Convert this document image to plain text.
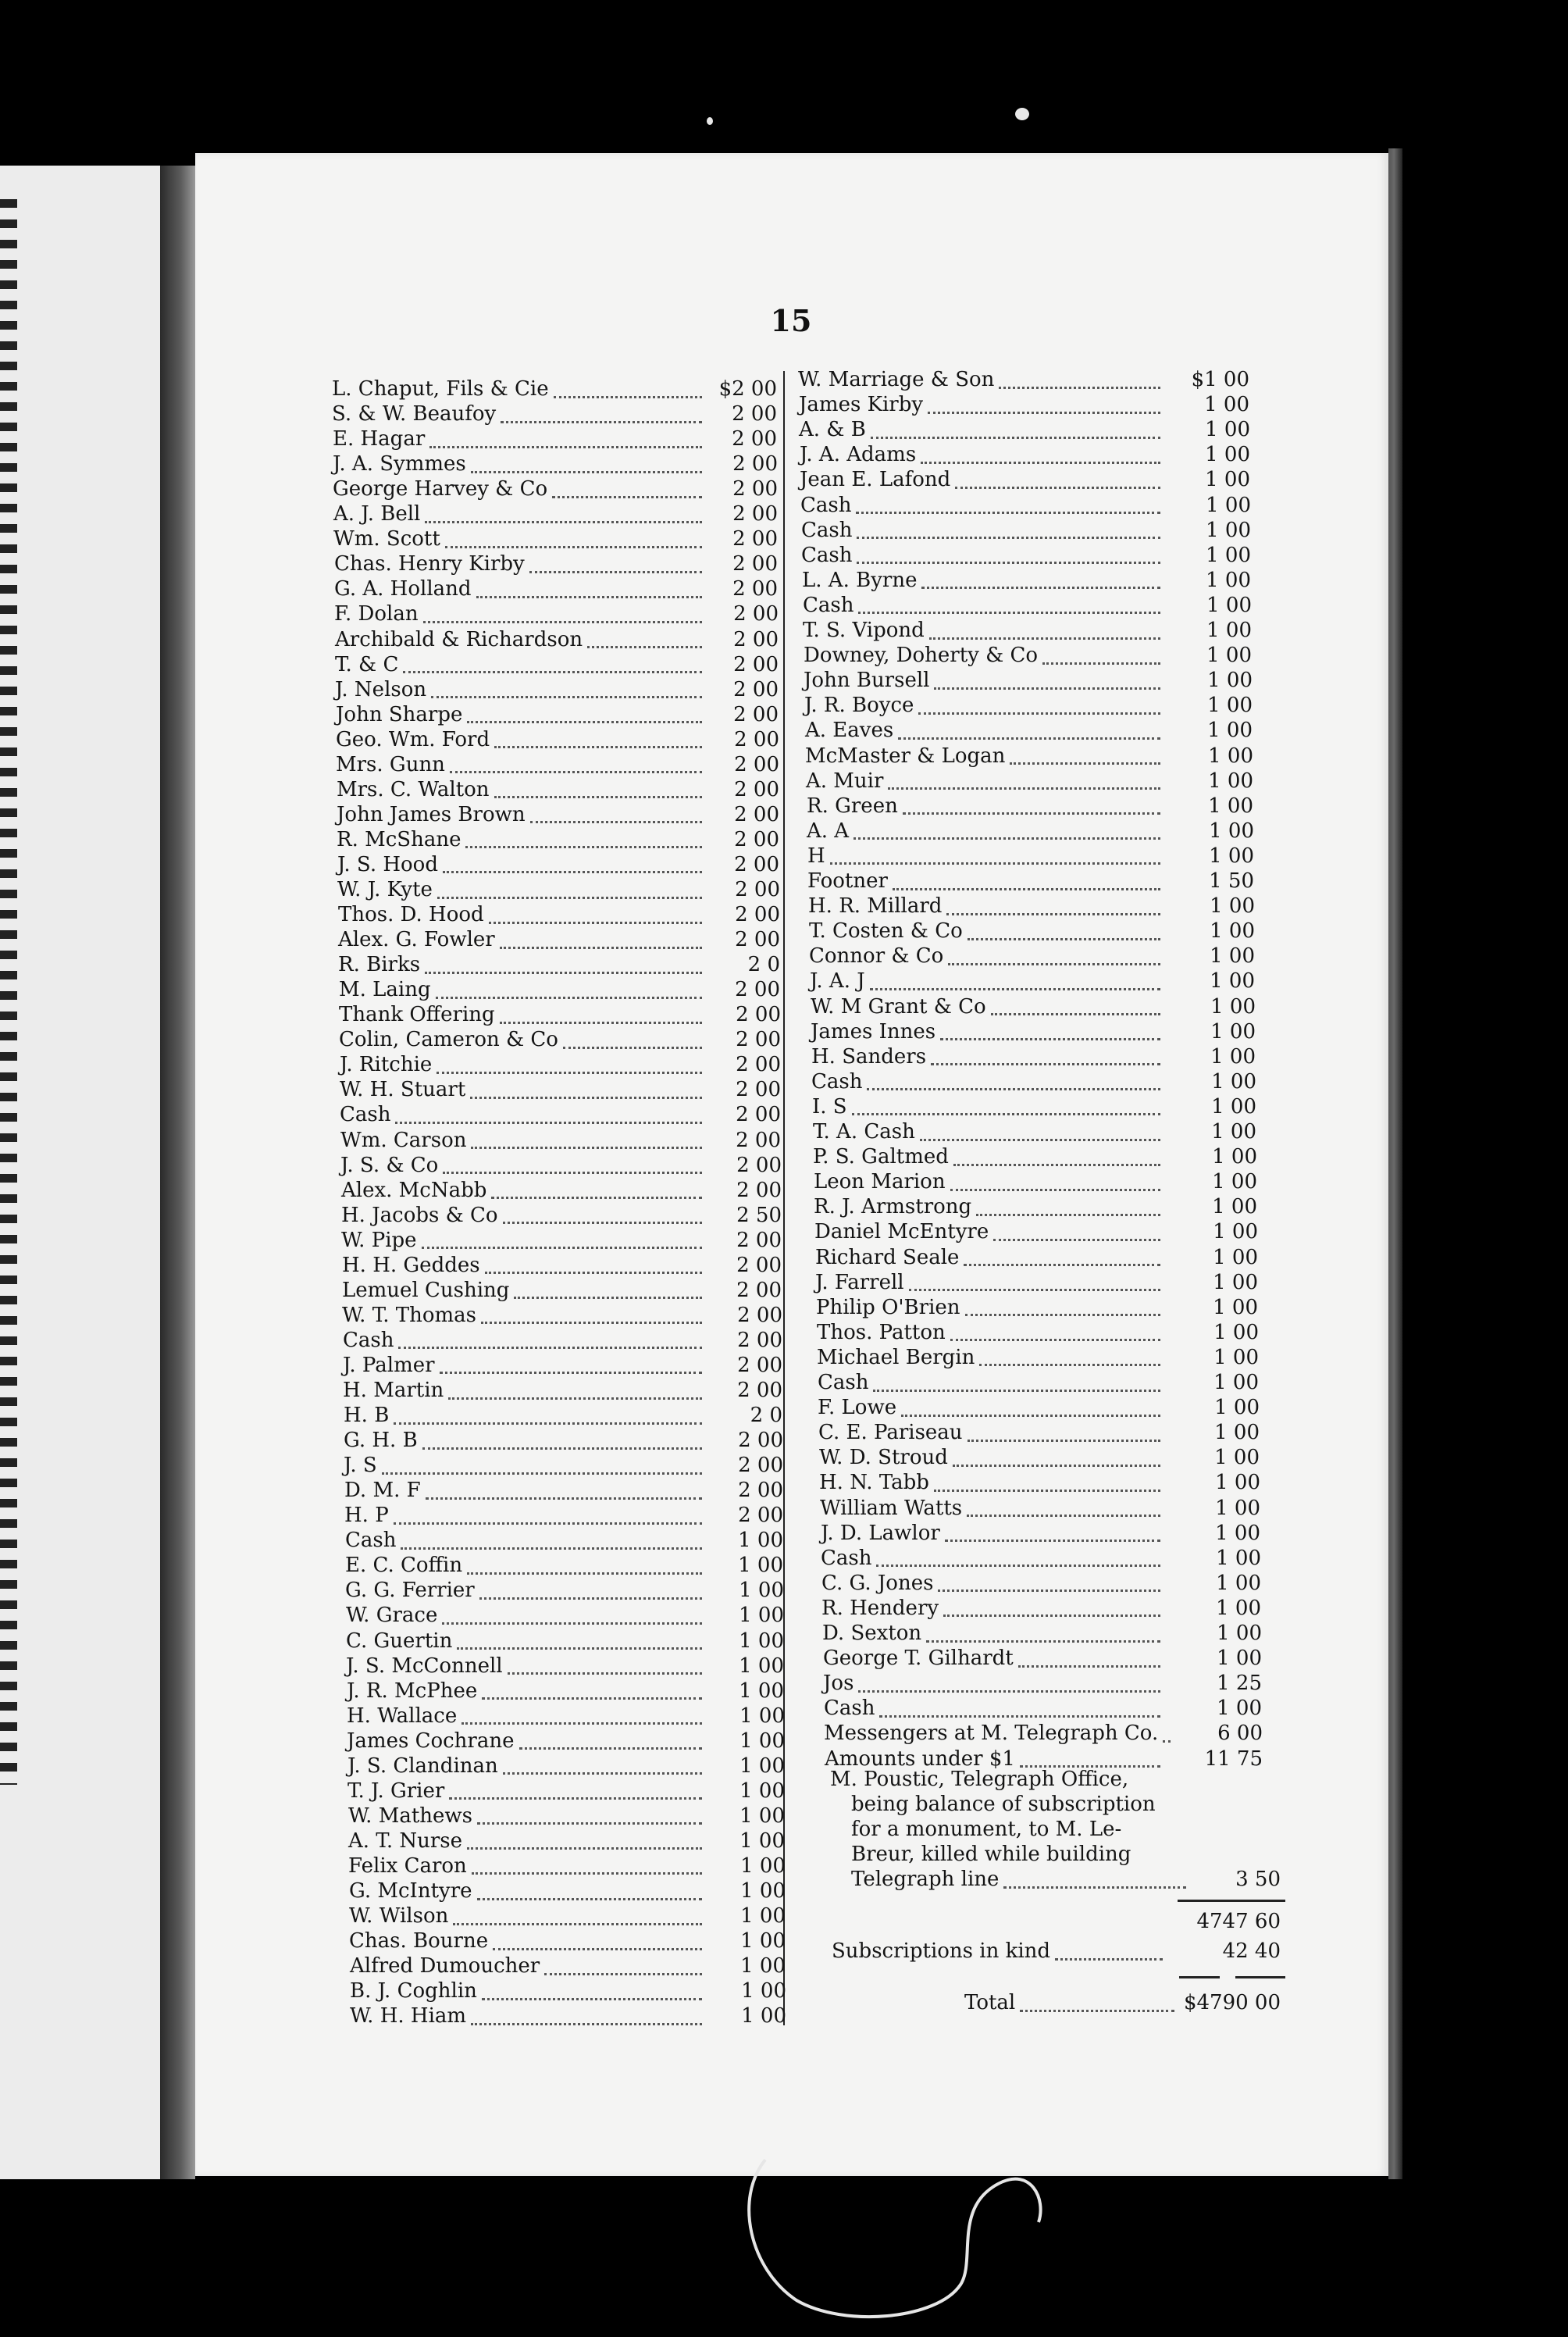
15
L. Chaput, Fils & Cie	$2 00
S. & W. Beaufoy	2 00
E. Hagar	2 00
J. A. Symmes	2 00
George Harvey & Co	2 00
A. J. Bell	2 00
Wm. Scott	2 00
Chas. Henry Kirby	2 00
G. A. Holland	2 00
F. Dolan	2 00
Archibald & Richardson	2 00
T. & C	2 00
J. Nelson	2 00
John Sharpe	2 00
Geo. Wm. Ford	2 00
Mrs. Gunn	2 00
Mrs. C. Walton	2 00
John James Brown	2 00
R. McShane	2 00
J. S. Hood	2 00
W. J. Kyte	2 00
Thos. D. Hood	2 00
Alex. G. Fowler	2 00
R. Birks	2 0
M. Laing	2 00
Thank Offering	2 00
Colin, Cameron & Co	2 00
J. Ritchie	2 00
W. H. Stuart	2 00
Cash	2 00
Wm. Carson	2 00
J. S. & Co	2 00
Alex. McNabb	2 00
H. Jacobs & Co	2 50
W. Pipe	2 00
H. H. Geddes	2 00
Lemuel Cushing	2 00
W. T. Thomas	2 00
Cash	2 00
J. Palmer	2 00
H. Martin	2 00
H. B	2 0
G. H. B	2 00
J. S	2 00
D. M. F	2 00
H. P	2 00
Cash	1 00
E. C. Coffin	1 00
G. G. Ferrier	1 00
W. Grace	1 00
C. Guertin	1 00
J. S. McConnell	1 00
J. R. McPhee	1 00
H. Wallace	1 00
James Cochrane	1 00
J. S. Clandinan	1 00
T. J. Grier	1 00
W. Mathews	1 00
A. T. Nurse	1 00
Felix Caron	1 00
G. McIntyre	1 00
W. Wilson	1 00
Chas. Bourne	1 00
Alfred Dumoucher	1 00
B. J. Coghlin	1 00
W. H. Hiam	1 00
W. Marriage & Son	$1 00
James Kirby	1 00
A. & B	1 00
J. A. Adams	1 00
Jean E. Lafond	1 00
Cash	1 00
Cash	1 00
Cash	1 00
L. A. Byrne	1 00
Cash	1 00
T. S. Vipond	1 00
Downey, Doherty & Co	1 00
John Bursell	1 00
J. R. Boyce	1 00
A. Eaves	1 00
McMaster & Logan	1 00
A. Muir	1 00
R. Green	1 00
A. A	1 00
H	1 00
Footner	1 50
H. R. Millard	1 00
T. Costen & Co	1 00
Connor & Co	1 00
J. A. J	1 00
W. M Grant & Co	1 00
James Innes	1 00
H. Sanders	1 00
Cash	1 00
I. S	1 00
T. A. Cash	1 00
P. S. Galtmed	1 00
Leon Marion	1 00
R. J. Armstrong	1 00
Daniel McEntyre	1 00
Richard Seale	1 00
J. Farrell	1 00
Philip O'Brien	1 00
Thos. Patton	1 00
Michael Bergin	1 00
Cash	1 00
F. Lowe	1 00
C. E. Pariseau	1 00
W. D. Stroud	1 00
H. N. Tabb	1 00
William Watts	1 00
J. D. Lawlor	1 00
Cash	1 00
C. G. Jones	1 00
R. Hendery	1 00
D. Sexton	1 00
George T. Gilhardt	1 00
Jos	1 25
Cash	1 00
Messengers at M. Telegraph Co.	6 00
Amounts under $1	11 75
M. Poustic, Telegraph Office,
being balance of subscription
for a monument, to M. Le-
Breur, killed while building
Telegraph line	3 50
4747 60
Subscriptions in kind	42 40
Total	$4790 00
